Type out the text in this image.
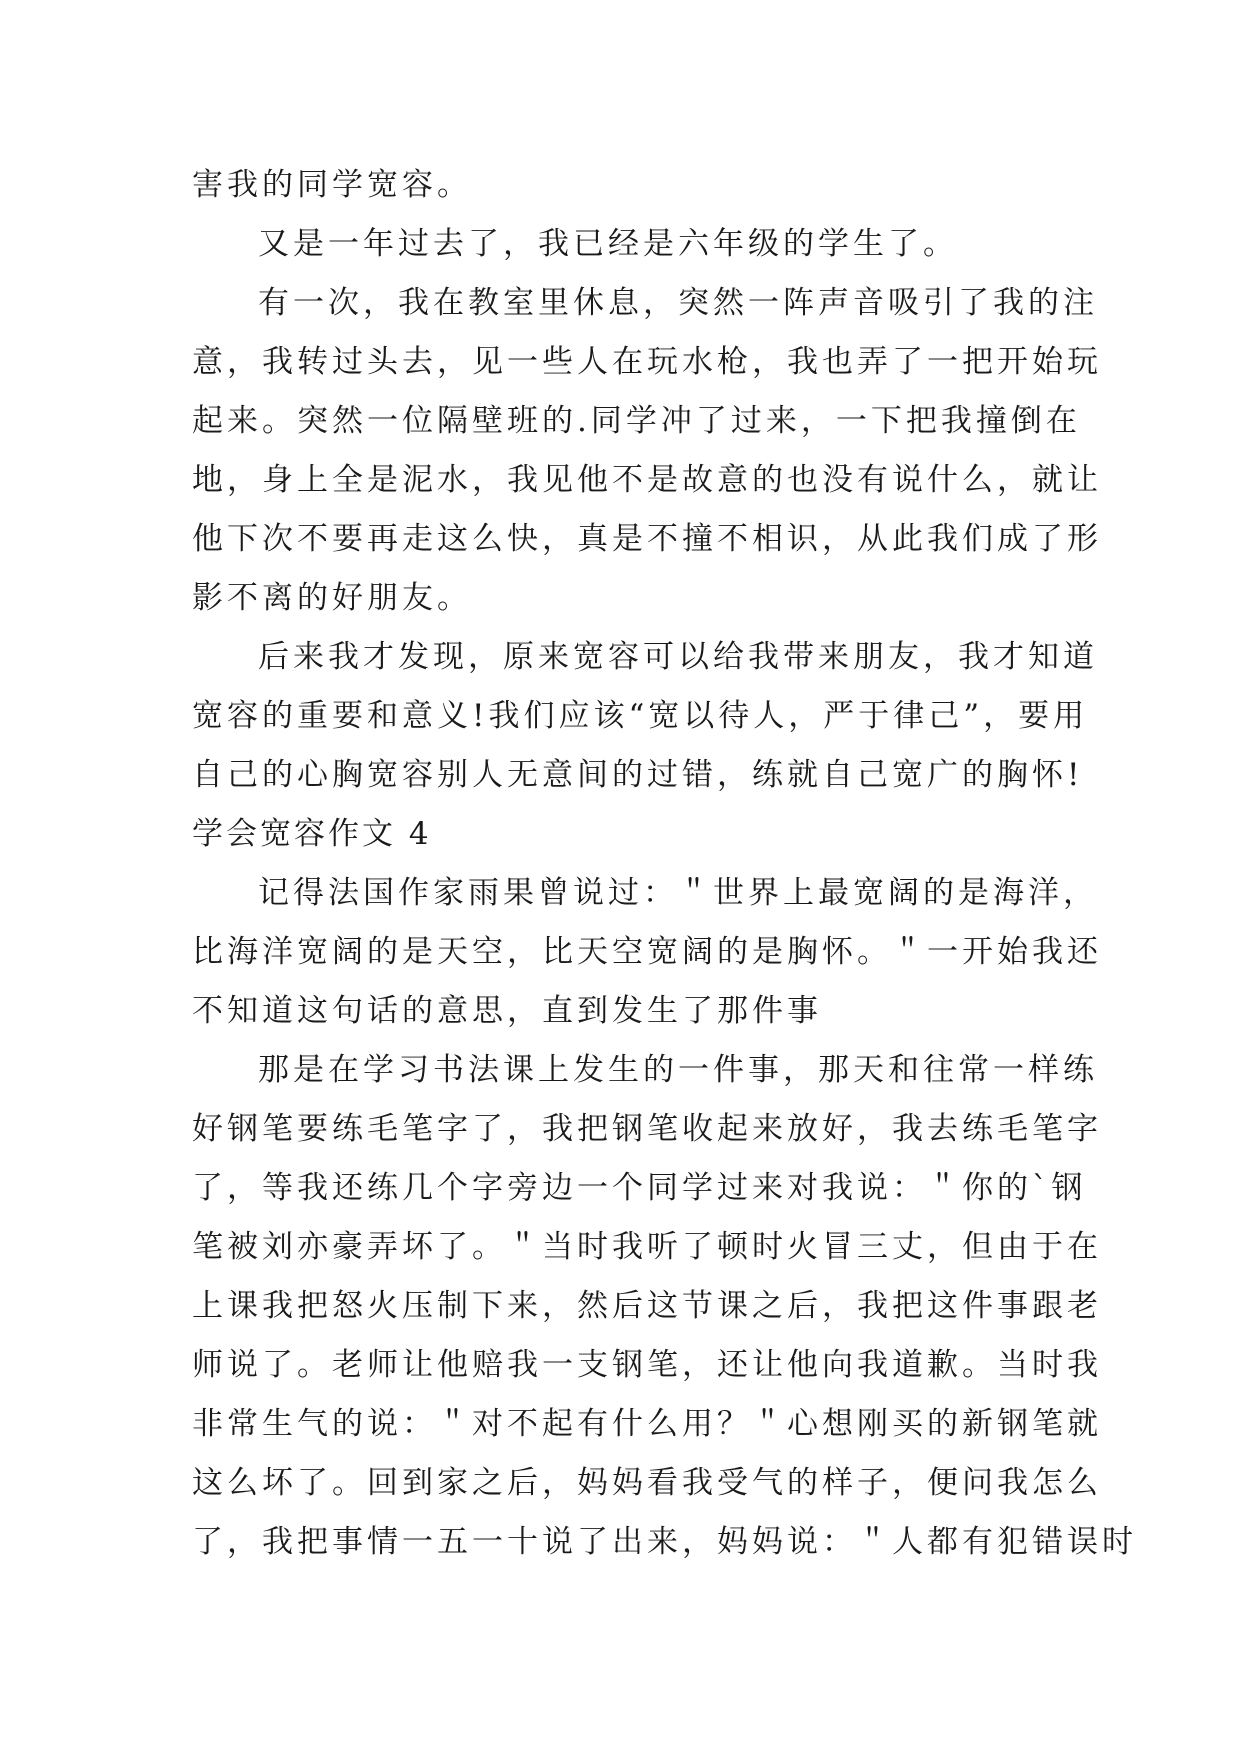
害我的同学宽容。
又是一年过去了，我已经是六年级的学生了。
有一次，我在教室里休息，突然一阵声音吸引了我的注
意，我转过头去，见一些人在玩水枪，我也弄了一把开始玩
起来。突然一位隔壁班的.同学冲了过来，一下把我撞倒在
地，身上全是泥水，我见他不是故意的也没有说什么，就让
他下次不要再走这么快，真是不撞不相识，从此我们成了形
影不离的好朋友。
后来我才发现，原来宽容可以给我带来朋友，我才知道
宽容的重要和意义!我们应该“宽以待人，严于律己”，要用
自己的心胸宽容别人无意间的过错，练就自己宽广的胸怀!
学会宽容作文 4
记得法国作家雨果曾说过：＂世界上最宽阔的是海洋，
比海洋宽阔的是天空，比天空宽阔的是胸怀。＂一开始我还
不知道这句话的意思，直到发生了那件事
那是在学习书法课上发生的一件事，那天和往常一样练
好钢笔要练毛笔字了，我把钢笔收起来放好，我去练毛笔字
了，等我还练几个字旁边一个同学过来对我说：＂你的`钢
笔被刘亦豪弄坏了。＂当时我听了顿时火冒三丈，但由于在
上课我把怒火压制下来，然后这节课之后，我把这件事跟老
师说了。老师让他赔我一支钢笔，还让他向我道歉。当时我
非常生气的说：＂对不起有什么用？＂心想刚买的新钢笔就
这么坏了。回到家之后，妈妈看我受气的样子，便问我怎么
了，我把事情一五一十说了出来，妈妈说：＂人都有犯错误时
